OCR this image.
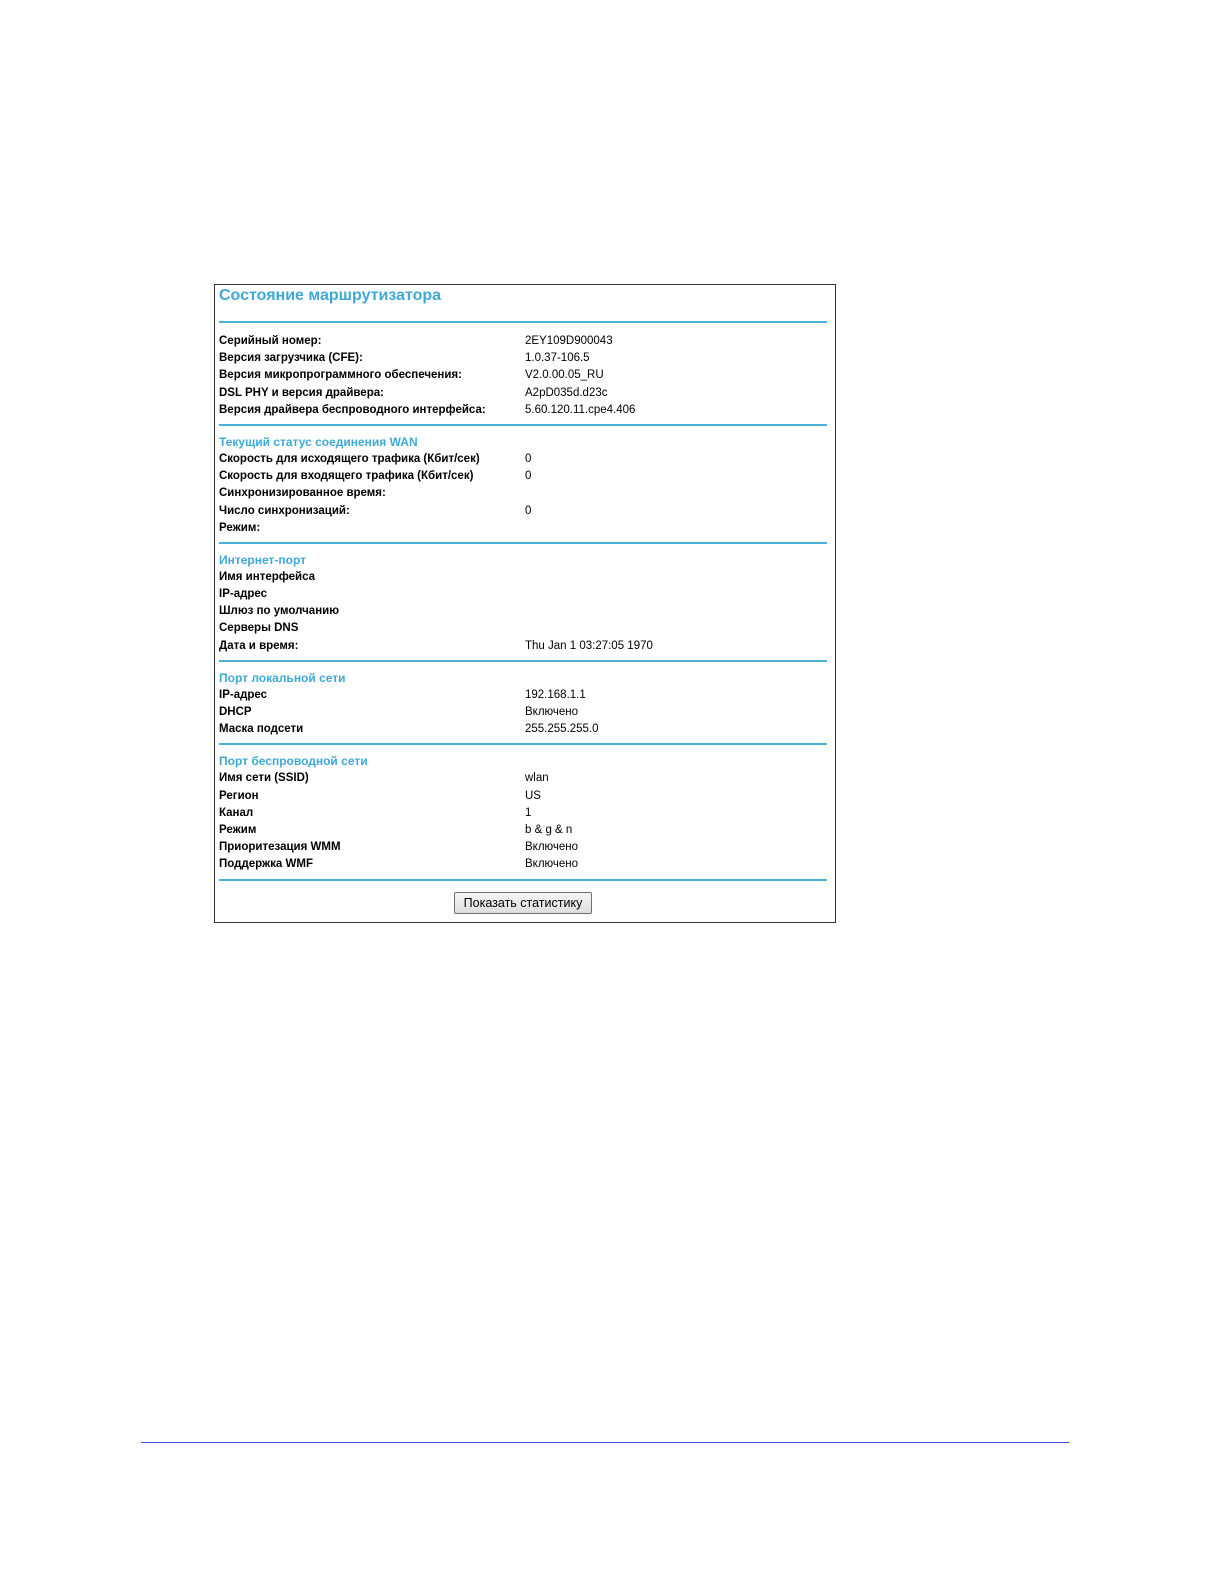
Состояние маршрутизатора
Серийный номер:	2EY109D900043
Версия загрузчика (CFE):	1.0.37-106.5
Версия микропрограммного обеспечения:	V2.0.00.05_RU
DSL PHY и версия драйвера:	A2pD035d.d23c
Версия драйвера беспроводного интерфейса:	5.60.120.11.cpe4.406
Текущий статус соединения WAN
Скорость для исходящего трафика (Кбит/сек)	0
Скорость для входящего трафика (Кбит/сек)	0
Синхронизированное время:
Число синхронизаций:	0
Режим:
Интернет-порт
Имя интерфейса
IP-адрес
Шлюз по умолчанию
Серверы DNS
Дата и время:	Thu Jan 1 03:27:05 1970
Порт локальной сети
IP-адрес	192.168.1.1
DHCP	Включено
Маска подсети	255.255.255.0
Порт беспроводной сети
Имя сети (SSID)	wlan
Регион	US
Канал	1
Режим	b & g & n
Приоритезация WMM	Включено
Поддержка WMF	Включено
Показать статистику
